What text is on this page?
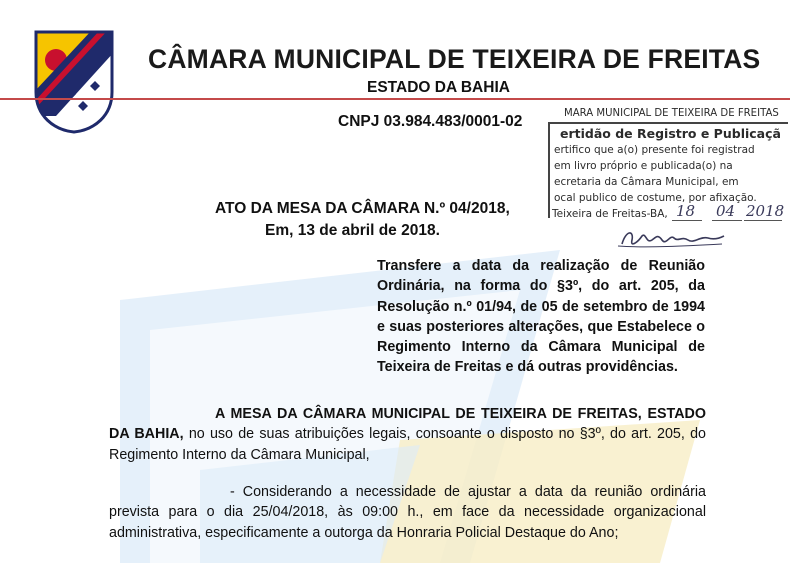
CÂMARA MUNICIPAL DE TEIXEIRA DE FREITAS
ESTADO DA BAHIA
CNPJ 03.984.483/0001-02
MARA MUNICIPAL DE TEIXEIRA DE FREITAS
ertidão de Registro e Publicaçã
ertifico que a(o) presente foi registrad
em livro próprio e publicada(o) na
ecretaria da Câmara Municipal, em
ocal publico de costume, por afixação.
Teixeira de Freitas-BA, 18 04 2018
ATO DA MESA DA CÂMARA N.º 04/2018,
Em, 13 de abril de 2018.
Transfere a data da realização de Reunião Ordinária, na forma do §3º, do art. 205, da Resolução n.º 01/94, de 05 de setembro de 1994 e suas posteriores alterações, que Estabelece o Regimento Interno da Câmara Municipal de Teixeira de Freitas e dá outras providências.
A MESA DA CÂMARA MUNICIPAL DE TEIXEIRA DE FREITAS, ESTADO DA BAHIA, no uso de suas atribuições legais, consoante o disposto no §3º, do art. 205, do Regimento Interno da Câmara Municipal,
- Considerando a necessidade de ajustar a data da reunião ordinária prevista para o dia 25/04/2018, às 09:00 h., em face da necessidade organizacional administrativa, especificamente a outorga da Honraria Policial Destaque do Ano;
